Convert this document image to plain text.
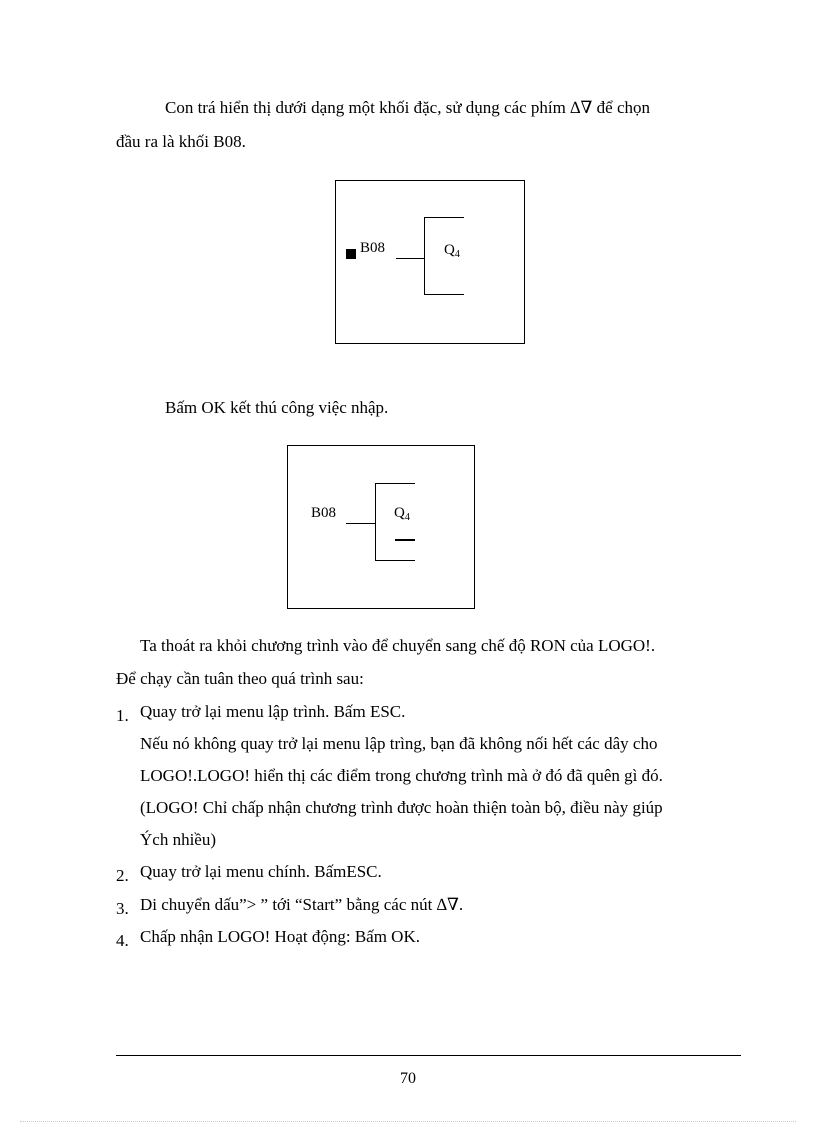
Con trá hiển thị dưới dạng một khối đặc, sử dụng các phím ∆∇ để chọn
đầu ra là khối B08.
B08	$Q_4$
Bấm OK kết thú công việc nhập.
B08	$Q_4$
Ta thoát ra khỏi chương trình vào để chuyển sang chế độ RON của LOGO!.
Để chạy cần tuân theo quá trình sau:
1. Quay trở lại menu lập trình. Bấm ESC.
Nếu nó không quay trở lại menu lập trìng, bạn đã không nối hết các dây cho
LOGO!.LOGO! hiển thị các điểm trong chương trình mà ở đó đã quên gì đó.
(LOGO! Chỉ chấp nhận chương trình được hoàn thiện toàn bộ, điều này giúp
Ých nhiều)
2. Quay trở lại menu chính. BấmESC.
3. Di chuyển dấu”> ” tới “Start” bằng các nút ∆∇.
4. Chấp nhận LOGO! Hoạt động: Bấm OK.
70
